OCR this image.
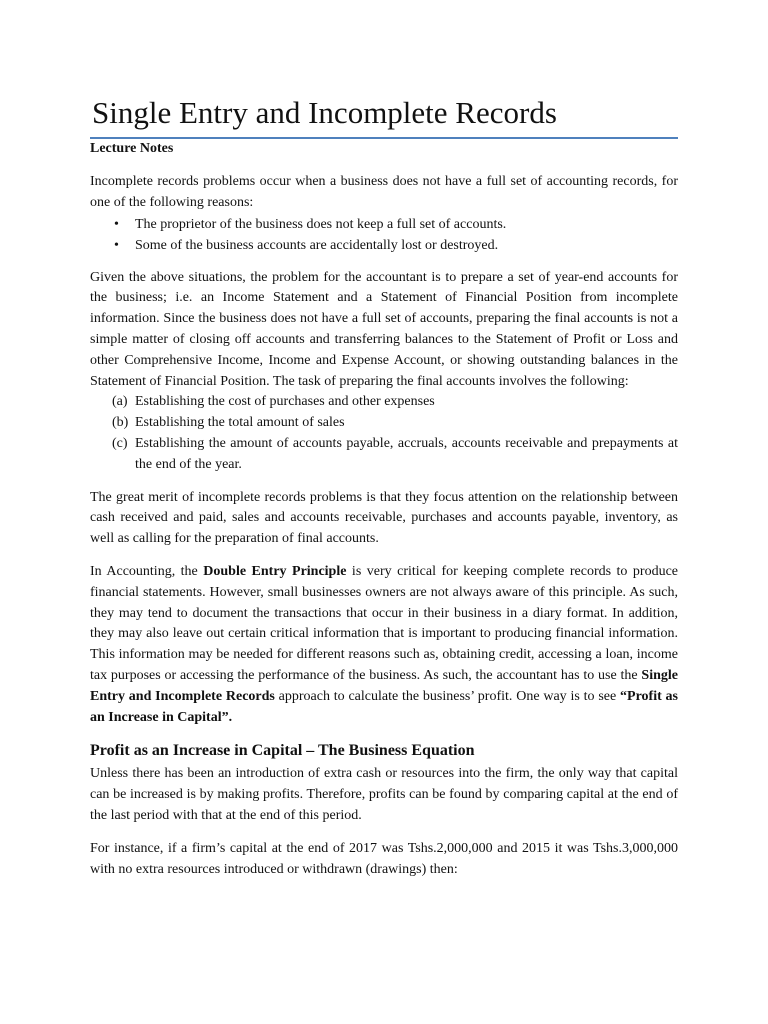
Single Entry and Incomplete Records
Lecture Notes

Incomplete records problems occur when a business does not have a full set of accounting records, for one of the following reasons:

• The proprietor of the business does not keep a full set of accounts.
• Some of the business accounts are accidentally lost or destroyed.

Given the above situations, the problem for the accountant is to prepare a set of year-end accounts for the business; i.e. an Income Statement and a Statement of Financial Position from incomplete information. Since the business does not have a full set of accounts, preparing the final accounts is not a simple matter of closing off accounts and transferring balances to the Statement of Profit or Loss and other Comprehensive Income, Income and Expense Account, or showing outstanding balances in the Statement of Financial Position. The task of preparing the final accounts involves the following:

(a) Establishing the cost of purchases and other expenses
(b) Establishing the total amount of sales
(c) Establishing the amount of accounts payable, accruals, accounts receivable and prepayments at the end of the year.

The great merit of incomplete records problems is that they focus attention on the relationship between cash received and paid, sales and accounts receivable, purchases and accounts payable, inventory, as well as calling for the preparation of final accounts.

In Accounting, the Double Entry Principle is very critical for keeping complete records to produce financial statements. However, small businesses owners are not always aware of this principle. As such, they may tend to document the transactions that occur in their business in a diary format. In addition, they may also leave out certain critical information that is important to producing financial information. This information may be needed for different reasons such as, obtaining credit, accessing a loan, income tax purposes or accessing the performance of the business. As such, the accountant has to use the Single Entry and Incomplete Records approach to calculate the business’ profit. One way is to see “Profit as an Increase in Capital”.

Profit as an Increase in Capital – The Business Equation

Unless there has been an introduction of extra cash or resources into the firm, the only way that capital can be increased is by making profits. Therefore, profits can be found by comparing capital at the end of the last period with that at the end of this period.

For instance, if a firm’s capital at the end of 2017 was Tshs.2,000,000 and 2015 it was Tshs.3,000,000 with no extra resources introduced or withdrawn (drawings) then:
